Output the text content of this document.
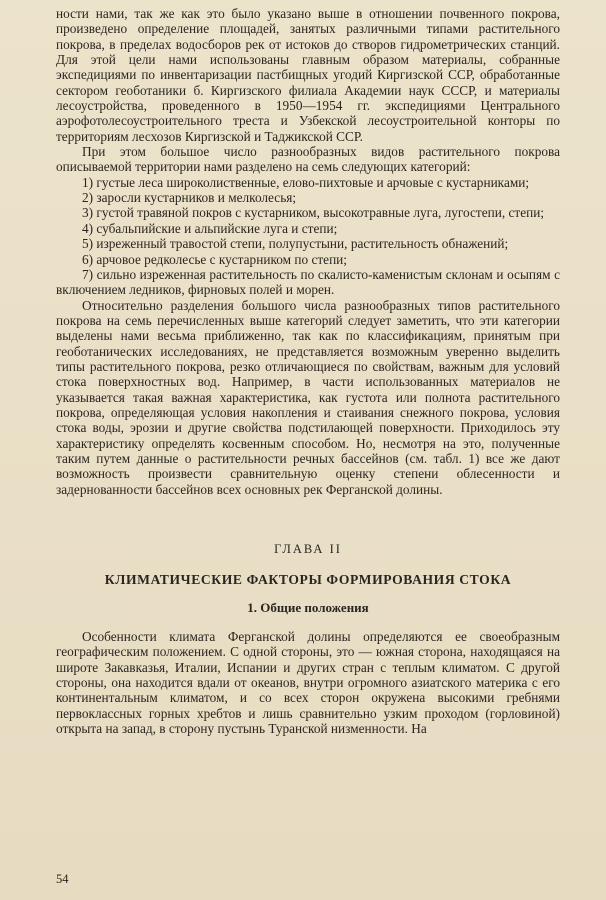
ности нами, так же как это было указано выше в отношении почвенного покрова, произведено определение площадей, занятых различными типами растительного покрова, в пределах водосборов рек от истоков до створов гидрометрических станций. Для этой цели нами использованы главным образом материалы, собранные экспедициями по инвентаризации пастбищных угодий Киргизской ССР, обработанные сектором геоботаники б. Киргизского филиала Академии наук СССР, и материалы лесоустройства, проведенного в 1950—1954 гг. экспедициями Центрального аэрофотолесоустроительного треста и Узбекской лесоустроительной конторы по территориям лесхозов Киргизской и Таджикской ССР.

При этом большое число разнообразных видов растительного покрова описываемой территории нами разделено на семь следующих категорий:

1) густые леса широколиственные, елово-пихтовые и арчовые с кустарниками;

2) заросли кустарников и мелколесья;

3) густой травяной покров с кустарником, высокотравные луга, лугостепи, степи;

4) субальпийские и альпийские луга и степи;

5) изреженный травостой степи, полупустыни, растительность обнажений;

6) арчовое редколесье с кустарником по степи;

7) сильно изреженная растительность по скалисто-каменистым склонам и осыпям с включением ледников, фирновых полей и морен.

Относительно разделения большого числа разнообразных типов растительного покрова на семь перечисленных выше категорий следует заметить, что эти категории выделены нами весьма приближенно, так как по классификациям, принятым при геоботанических исследованиях, не представляется возможным уверенно выделить типы растительного покрова, резко отличающиеся по свойствам, важным для условий стока поверхностных вод. Например, в части использованных материалов не указывается такая важная характеристика, как густота или полнота растительного покрова, определяющая условия накопления и стаивания снежного покрова, условия стока воды, эрозии и другие свойства подстилающей поверхности. Приходилось эту характеристику определять косвенным способом. Но, несмотря на это, полученные таким путем данные о растительности речных бассейнов (см. табл. 1) все же дают возможность произвести сравнительную оценку степени облесенности и задернованности бассейнов всех основных рек Ферганской долины.

ГЛАВА II
КЛИМАТИЧЕСКИЕ ФАКТОРЫ ФОРМИРОВАНИЯ СТОКА
1. Общие положения

Особенности климата Ферганской долины определяются ее своеобразным географическим положением. С одной стороны, это — южная сторона, находящаяся на широте Закавказья, Италии, Испании и других стран с теплым климатом. С другой стороны, она находится вдали от океанов, внутри огромного азиатского материка с его континентальным климатом, и со всех сторон окружена высокими гребнями первоклассных горных хребтов и лишь сравнительно узким проходом (горловиной) открыта на запад, в сторону пустынь Туранской низменности. На

54
